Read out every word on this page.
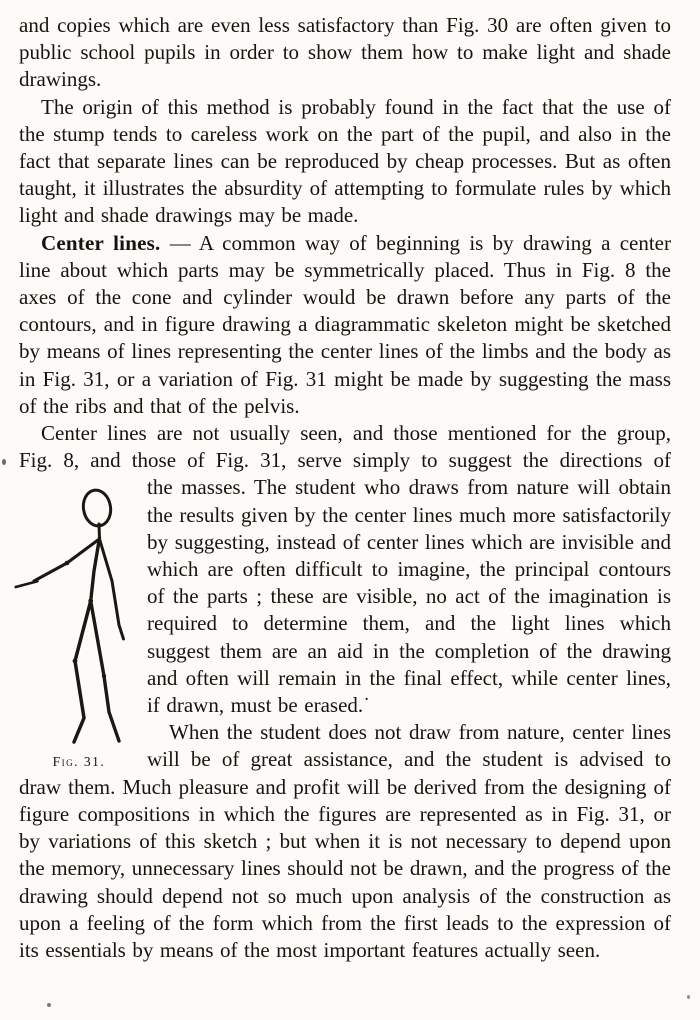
and copies which are even less satisfactory than Fig. 30 are often given to public school pupils in order to show them how to make light and shade drawings.

The origin of this method is probably found in the fact that the use of the stump tends to careless work on the part of the pupil, and also in the fact that separate lines can be reproduced by cheap processes. But as often taught, it illustrates the absurdity of attempting to formulate rules by which light and shade drawings may be made.

Center lines. — A common way of beginning is by drawing a center line about which parts may be symmetrically placed. Thus in Fig. 8 the axes of the cone and cylinder would be drawn before any parts of the contours, and in figure drawing a diagrammatic skeleton might be sketched by means of lines representing the center lines of the limbs and the body as in Fig. 31, or a variation of Fig. 31 might be made by suggesting the mass of the ribs and that of the pelvis.

Center lines are not usually seen, and those mentioned for the group, Fig. 8, and those of Fig. 31, serve simply to suggest the directions of

Fig. 31.

the masses. The student who draws from nature will obtain the results given by the center lines much more satisfactorily by suggesting, instead of center lines which are invisible and which are often difficult to imagine, the principal contours of the parts ; these are visible, no act of the imagination is required to determine them, and the light lines which suggest them are an aid in the completion of the drawing and often will remain in the final effect, while center lines, if drawn, must be erased.˙

When the student does not draw from nature, center lines will be of great assistance, and the student is advised to draw them. Much pleasure and profit will be derived from the designing of figure compositions in which the figures are represented as in Fig. 31, or by variations of this sketch ; but when it is not necessary to depend upon the memory, unnecessary lines should not be drawn, and the progress of the drawing should depend not so much upon analysis of the construction as upon a feeling of the form which from the first leads to the expression of its essentials by means of the most important features actually seen.
